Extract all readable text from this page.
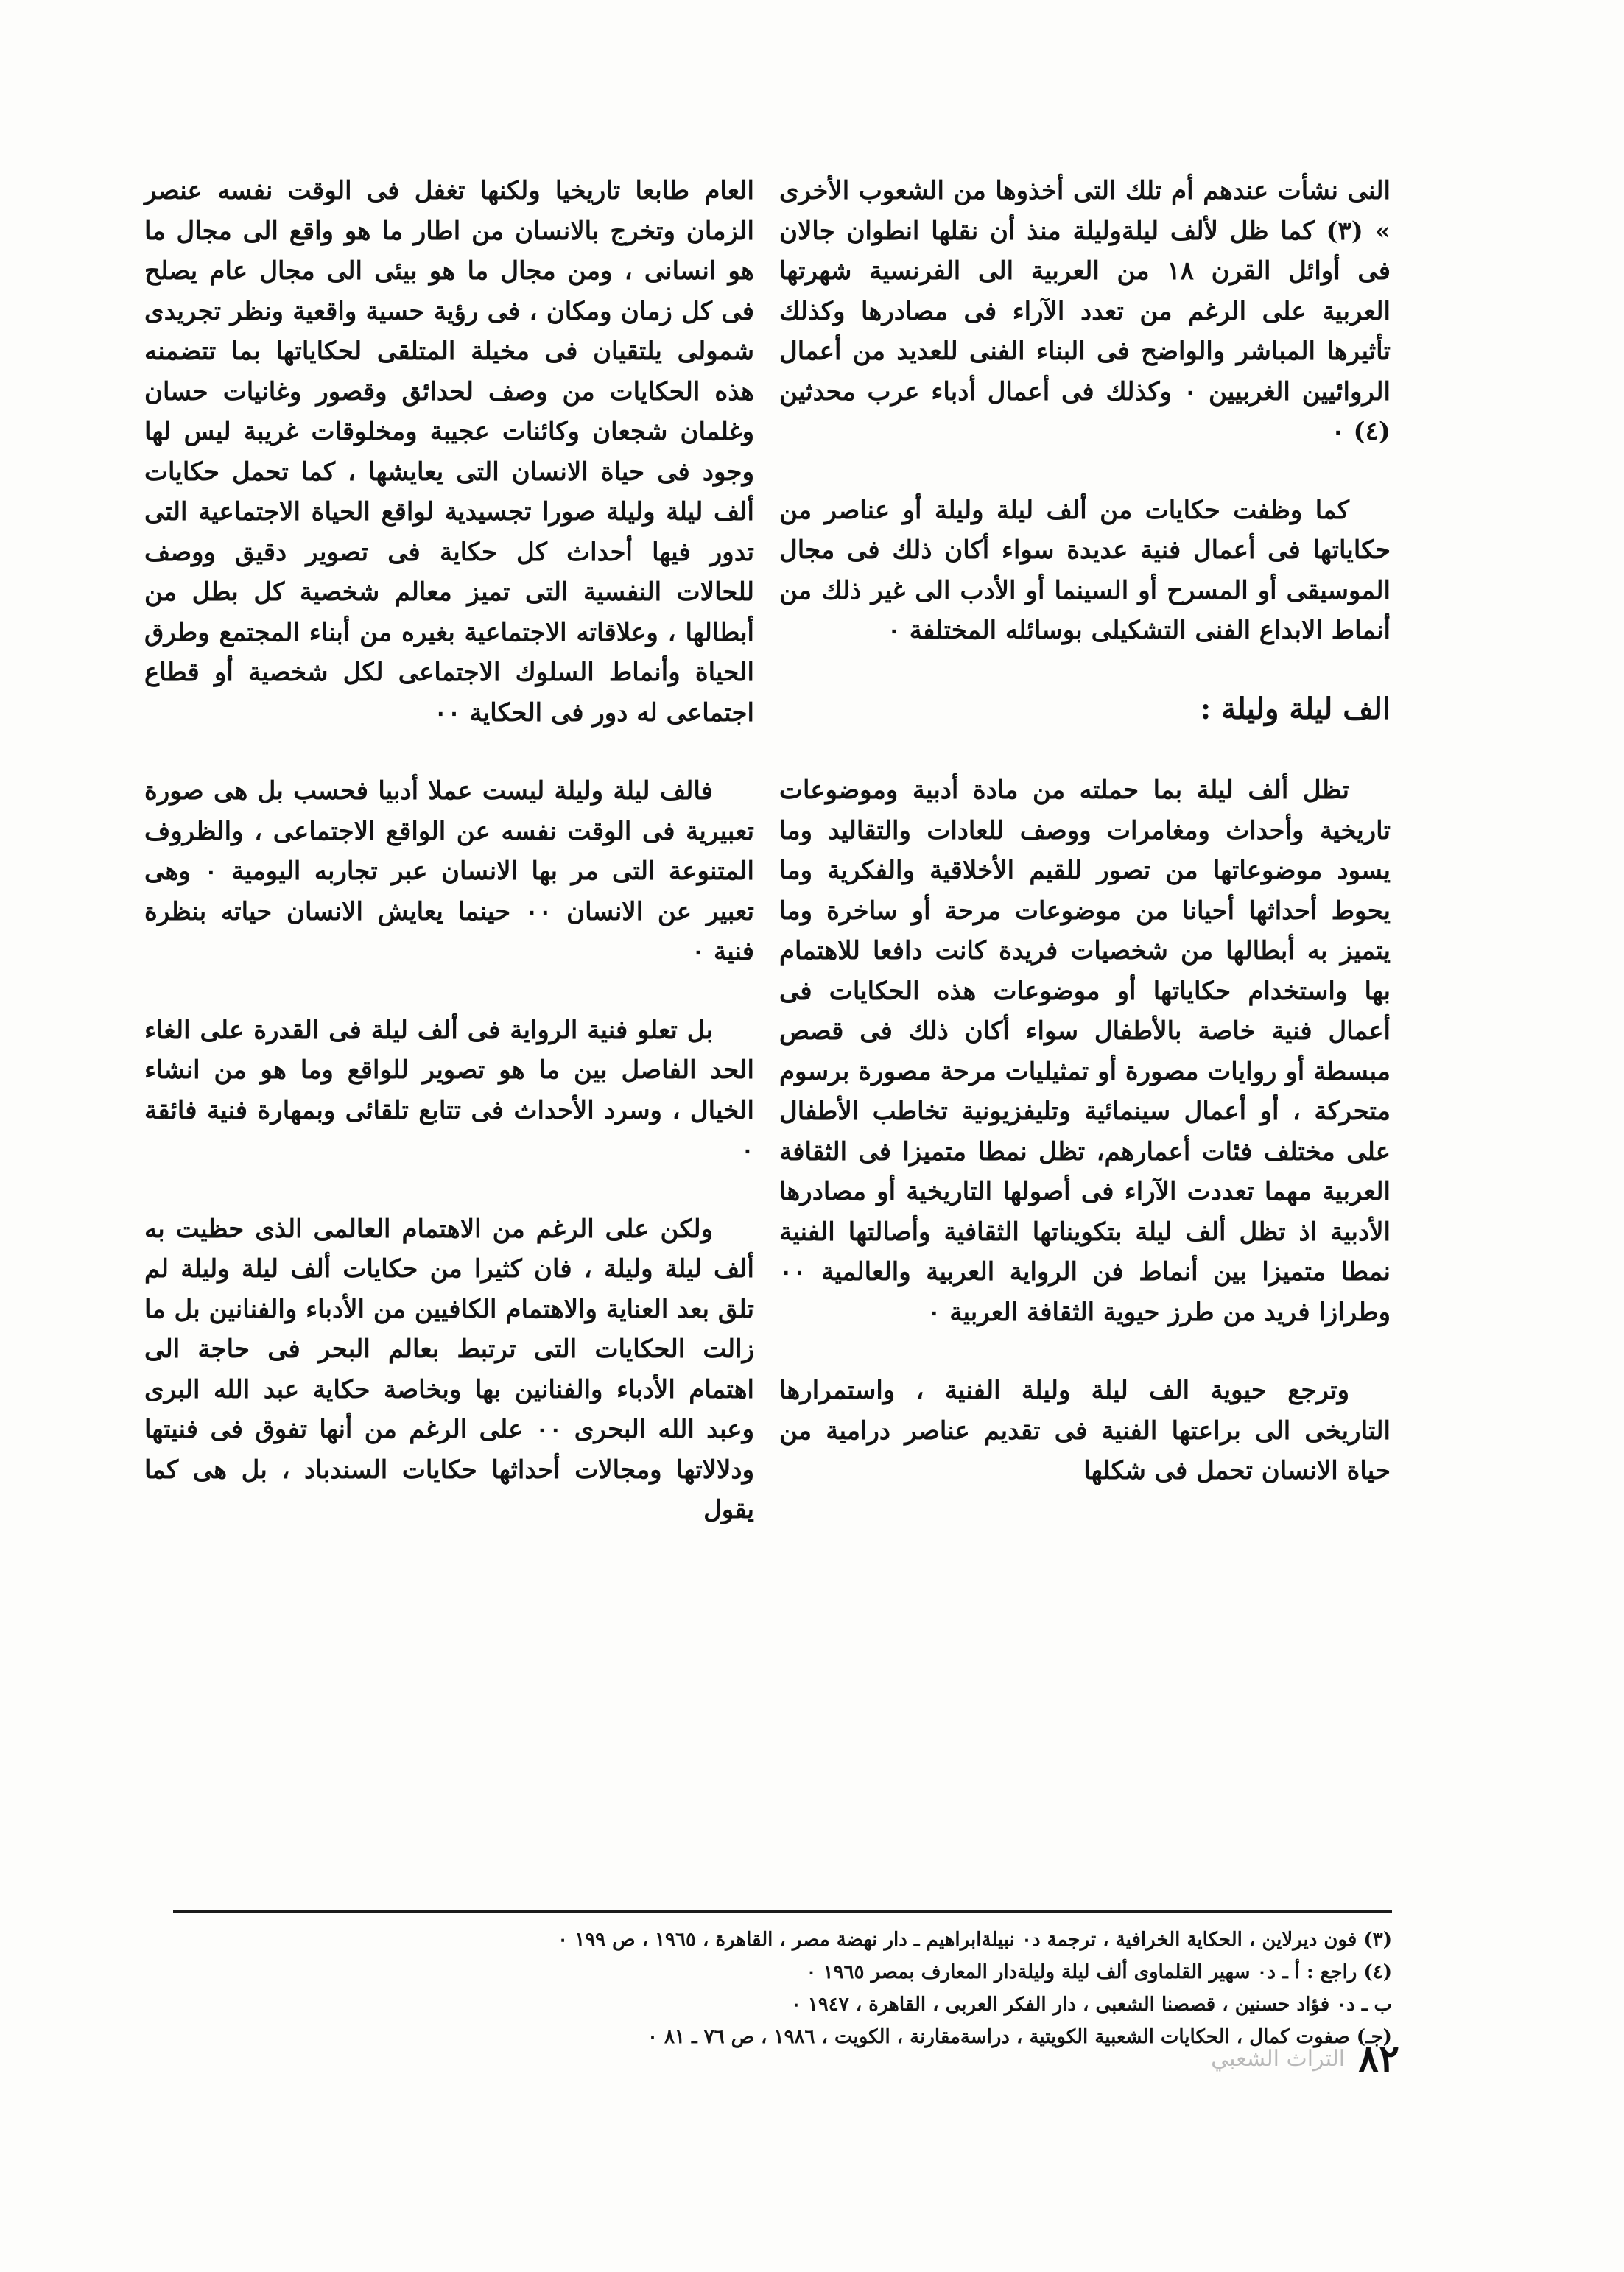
النى نشأت عندهم أم تلك التى أخذوها من الشعوب الأخرى » (٣) كما ظل لألف ليلةوليلة منذ أن نقلها انطوان جالان فى أوائل القرن ١٨ من العربية الى الفرنسية شهرتها العربية على الرغم من تعدد الآراء فى مصادرها وكذلك تأثيرها المباشر والواضح فى البناء الفنى للعديد من أعمال الروائيين الغربيين ٠ وكذلك فى أعمال أدباء عرب محدثين (٤) ٠

كما وظفت حكايات من ألف ليلة وليلة أو عناصر من حكاياتها فى أعمال فنية عديدة سواء أكان ذلك فى مجال الموسيقى أو المسرح أو السينما أو الأدب الى غير ذلك من أنماط الابداع الفنى التشكيلى بوسائله المختلفة ٠

الف ليلة وليلة :

تظل ألف ليلة بما حملته من مادة أدبية وموضوعات تاريخية وأحداث ومغامرات ووصف للعادات والتقاليد وما يسود موضوعاتها من تصور للقيم الأخلاقية والفكرية وما يحوط أحداثها أحيانا من موضوعات مرحة أو ساخرة وما يتميز به أبطالها من شخصيات فريدة كانت دافعا للاهتمام بها واستخدام حكاياتها أو موضوعات هذه الحكايات فى أعمال فنية خاصة بالأطفال سواء أكان ذلك فى قصص مبسطة أو روايات مصورة أو تمثيليات مرحة مصورة برسوم متحركة ، أو أعمال سينمائية وتليفزيونية تخاطب الأطفال على مختلف فئات أعمارهم، تظل نمطا متميزا فى الثقافة العربية مهما تعددت الآراء فى أصولها التاريخية أو مصادرها الأدبية اذ تظل ألف ليلة بتكويناتها الثقافية وأصالتها الفنية نمطا متميزا بين أنماط فن الرواية العربية والعالمية ٠٠ وطرازا فريد من طرز حيوية الثقافة العربية ٠

وترجع حيوية الف ليلة وليلة الفنية ، واستمرارها التاريخى الى براعتها الفنية فى تقديم عناصر درامية من حياة الانسان تحمل فى شكلها

العام طابعا تاريخيا ولكنها تغفل فى الوقت نفسه عنصر الزمان وتخرج بالانسان من اطار ما هو واقع الى مجال ما هو انسانى ، ومن مجال ما هو بيئى الى مجال عام يصلح فى كل زمان ومكان ، فى رؤية حسية واقعية ونظر تجريدى شمولى يلتقيان فى مخيلة المتلقى لحكاياتها بما تتضمنه هذه الحكايات من وصف لحدائق وقصور وغانيات حسان وغلمان شجعان وكائنات عجيبة ومخلوقات غريبة ليس لها وجود فى حياة الانسان التى يعايشها ، كما تحمل حكايات ألف ليلة وليلة صورا تجسيدية لواقع الحياة الاجتماعية التى تدور فيها أحداث كل حكاية فى تصوير دقيق ووصف للحالات النفسية التى تميز معالم شخصية كل بطل من أبطالها ، وعلاقاته الاجتماعية بغيره من أبناء المجتمع وطرق الحياة وأنماط السلوك الاجتماعى لكل شخصية أو قطاع اجتماعى له دور فى الحكاية ٠٠

فالف ليلة وليلة ليست عملا أدبيا فحسب بل هى صورة تعبيرية فى الوقت نفسه عن الواقع الاجتماعى ، والظروف المتنوعة التى مر بها الانسان عبر تجاربه اليومية ٠ وهى تعبير عن الانسان ٠٠ حينما يعايش الانسان حياته بنظرة فنية ٠

بل تعلو فنية الرواية فى ألف ليلة فى القدرة على الغاء الحد الفاصل بين ما هو تصوير للواقع وما هو من انشاء الخيال ، وسرد الأحداث فى تتابع تلقائى وبمهارة فنية فائقة ٠

ولكن على الرغم من الاهتمام العالمى الذى حظيت به ألف ليلة وليلة ، فان كثيرا من حكايات ألف ليلة وليلة لم تلق بعد العناية والاهتمام الكافيين من الأدباء والفنانين بل ما زالت الحكايات التى ترتبط بعالم البحر فى حاجة الى اهتمام الأدباء والفنانين بها وبخاصة حكاية عبد الله البرى وعبد الله البحرى ٠٠ على الرغم من أنها تفوق فى فنيتها ودلالاتها ومجالات أحداثها حكايات السندباد ، بل هى كما يقول

(٣) فون ديرلاين ، الحكاية الخرافية ، ترجمة د٠ نبيلةابراهيم ـ دار نهضة مصر ، القاهرة ، ١٩٦٥ ، ص ١٩٩ ٠

(٤) راجع : أ ـ د٠ سهير القلماوى ألف ليلة وليلةدار المعارف بمصر ١٩٦٥ ٠

ب ـ د٠ فؤاد حسنين ، قصصنا الشعبى ، دار الفكر العربى ، القاهرة ، ١٩٤٧ ٠

(جـ) صفوت كمال ، الحكايات الشعبية الكويتية ، دراسةمقارنة ، الكويت ، ١٩٨٦ ، ص ٧٦ ـ ٨١ ٠

٨٢
التراث الشعبي
